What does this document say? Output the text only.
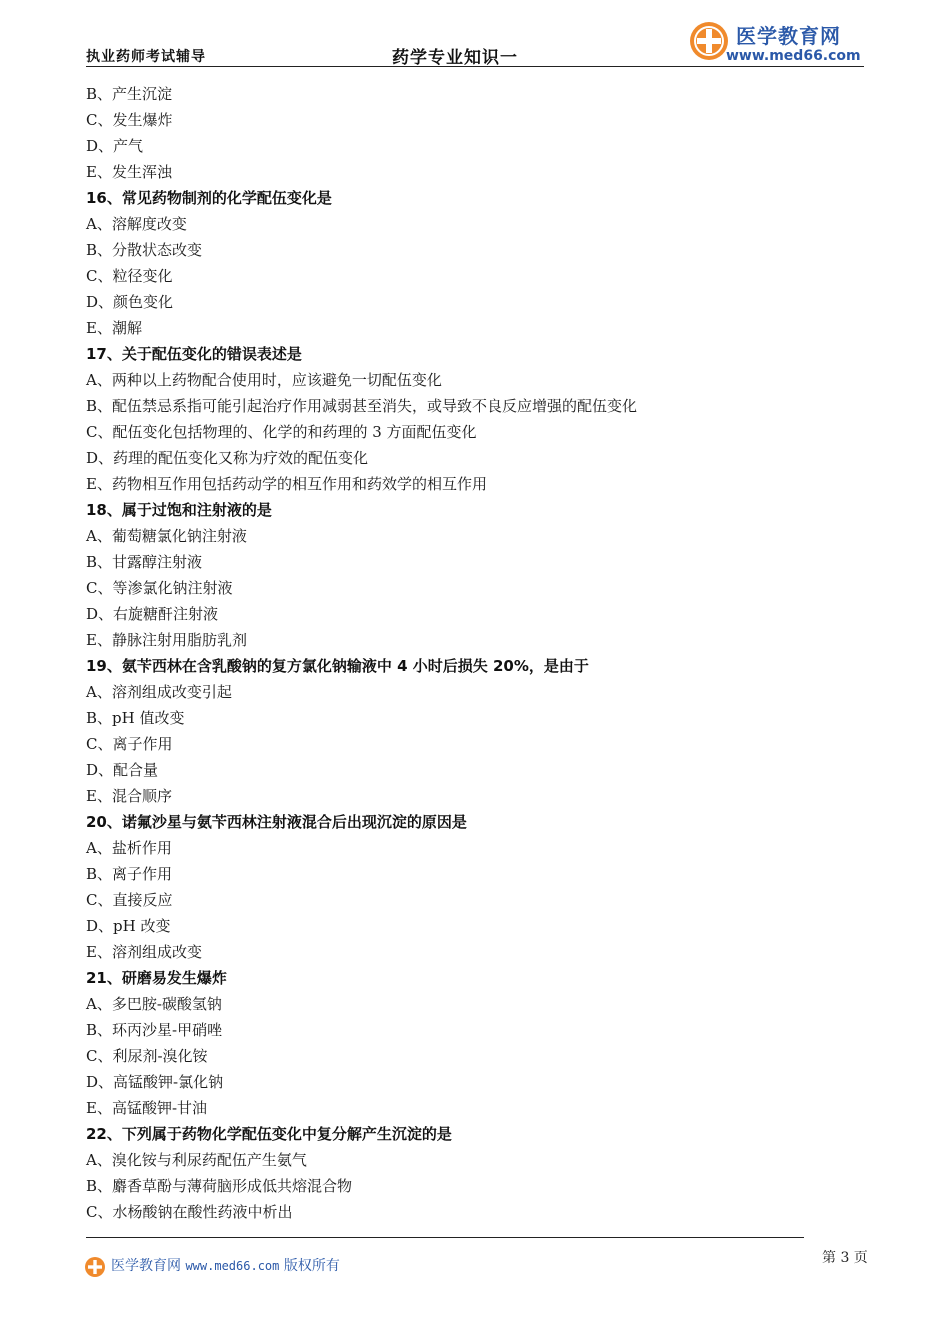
执业药师考试辅导	药学专业知识一
医学教育网
www.med66.com
B、产生沉淀
C、发生爆炸
D、产气
E、发生浑浊
16、常见药物制剂的化学配伍变化是
A、溶解度改变
B、分散状态改变
C、粒径变化
D、颜色变化
E、潮解
17、关于配伍变化的错误表述是
A、两种以上药物配合使用时，应该避免一切配伍变化
B、配伍禁忌系指可能引起治疗作用减弱甚至消失，或导致不良反应增强的配伍变化
C、配伍变化包括物理的、化学的和药理的 3 方面配伍变化
D、药理的配伍变化又称为疗效的配伍变化
E、药物相互作用包括药动学的相互作用和药效学的相互作用
18、属于过饱和注射液的是
A、葡萄糖氯化钠注射液
B、甘露醇注射液
C、等渗氯化钠注射液
D、右旋糖酐注射液
E、静脉注射用脂肪乳剂
19、氨苄西林在含乳酸钠的复方氯化钠输液中 4 小时后损失 20%，是由于
A、溶剂组成改变引起
B、pH 值改变
C、离子作用
D、配合量
E、混合顺序
20、诺氟沙星与氨苄西林注射液混合后出现沉淀的原因是
A、盐析作用
B、离子作用
C、直接反应
D、pH 改变
E、溶剂组成改变
21、研磨易发生爆炸
A、多巴胺-碳酸氢钠
B、环丙沙星-甲硝唑
C、利尿剂-溴化铵
D、高锰酸钾-氯化钠
E、高锰酸钾-甘油
22、下列属于药物化学配伍变化中复分解产生沉淀的是
A、溴化铵与利尿药配伍产生氨气
B、麝香草酚与薄荷脑形成低共熔混合物
C、水杨酸钠在酸性药液中析出
医学教育网 www.med66.com 版权所有	第 3 页
